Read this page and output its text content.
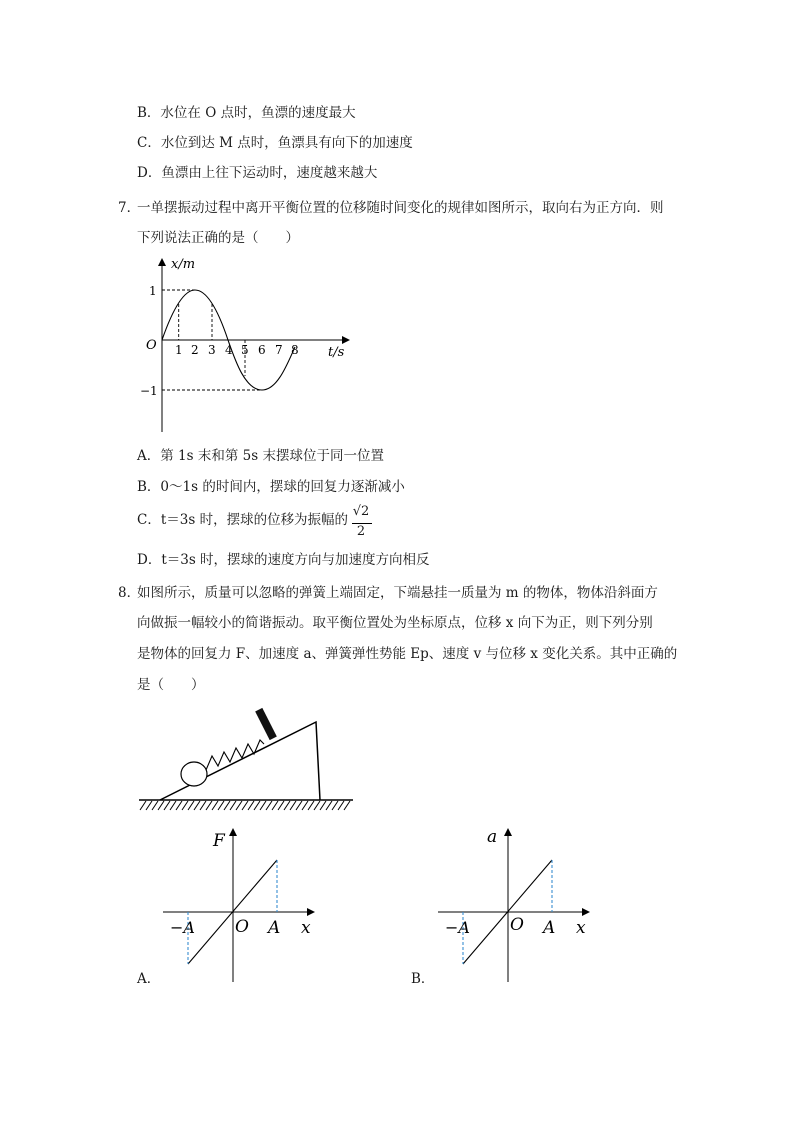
B．水位在 O 点时，鱼漂的速度最大
C．水位到达 M 点时，鱼漂具有向下的加速度
D．鱼漂由上往下运动时，速度越来越大
7．
一单摆振动过程中离开平衡位置的位移随时间变化的规律如图所示，取向右为正方向．则
下列说法正确的是（　　）
x/m
t/s
O
1
−1
1 2 3 4 5 6 7 8
A．第 1s 末和第 5s 末摆球位于同一位置
B．0～1s 的时间内，摆球的回复力逐渐减小
C．t＝3s 时，摆球的位移为振幅的
√2
2
D．t＝3s 时，摆球的速度方向与加速度方向相反
8．
如图所示，质量可以忽略的弹簧上端固定，下端悬挂一质量为 m 的物体，物体沿斜面方
向做振一幅较小的简谐振动。取平衡位置处为坐标原点，位移 x 向下为正，则下列分别
是物体的回复力 F、加速度 a、弹簧弹性势能 Ep、速度 v 与位移 x 变化关系。其中正确的
是（　　）
F
x
O
−A	A
A．
a
x
O
−A	A
B．
